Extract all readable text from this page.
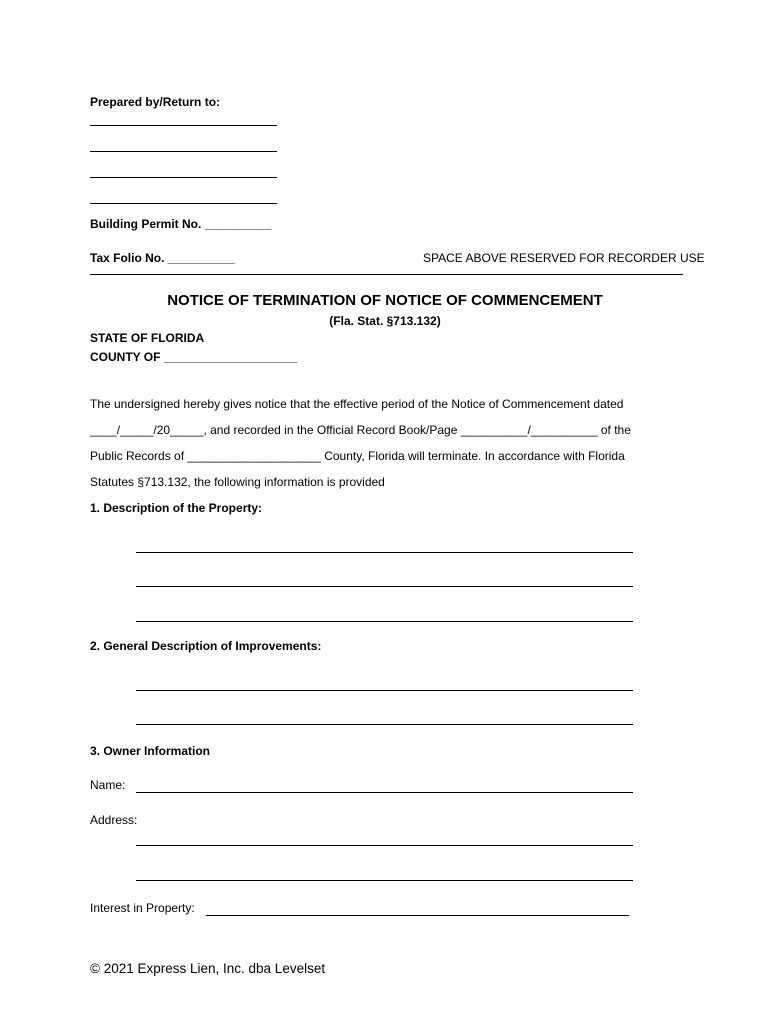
Prepared by/Return to:
Building Permit No. __________
Tax Folio No. __________	SPACE ABOVE RESERVED FOR RECORDER USE
NOTICE OF TERMINATION OF NOTICE OF COMMENCEMENT
(Fla. Stat. §713.132)
STATE OF FLORIDA
COUNTY OF ____________________
The undersigned hereby gives notice that the effective period of the Notice of Commencement dated
____/_____/20_____, and recorded in the Official Record Book/Page __________/__________ of the
Public Records of ____________________ County, Florida will terminate. In accordance with Florida
Statutes §713.132, the following information is provided
1. Description of the Property:
2. General Description of Improvements:
3. Owner Information
Name:
Address:
Interest in Property:
© 2021 Express Lien, Inc. dba Levelset
